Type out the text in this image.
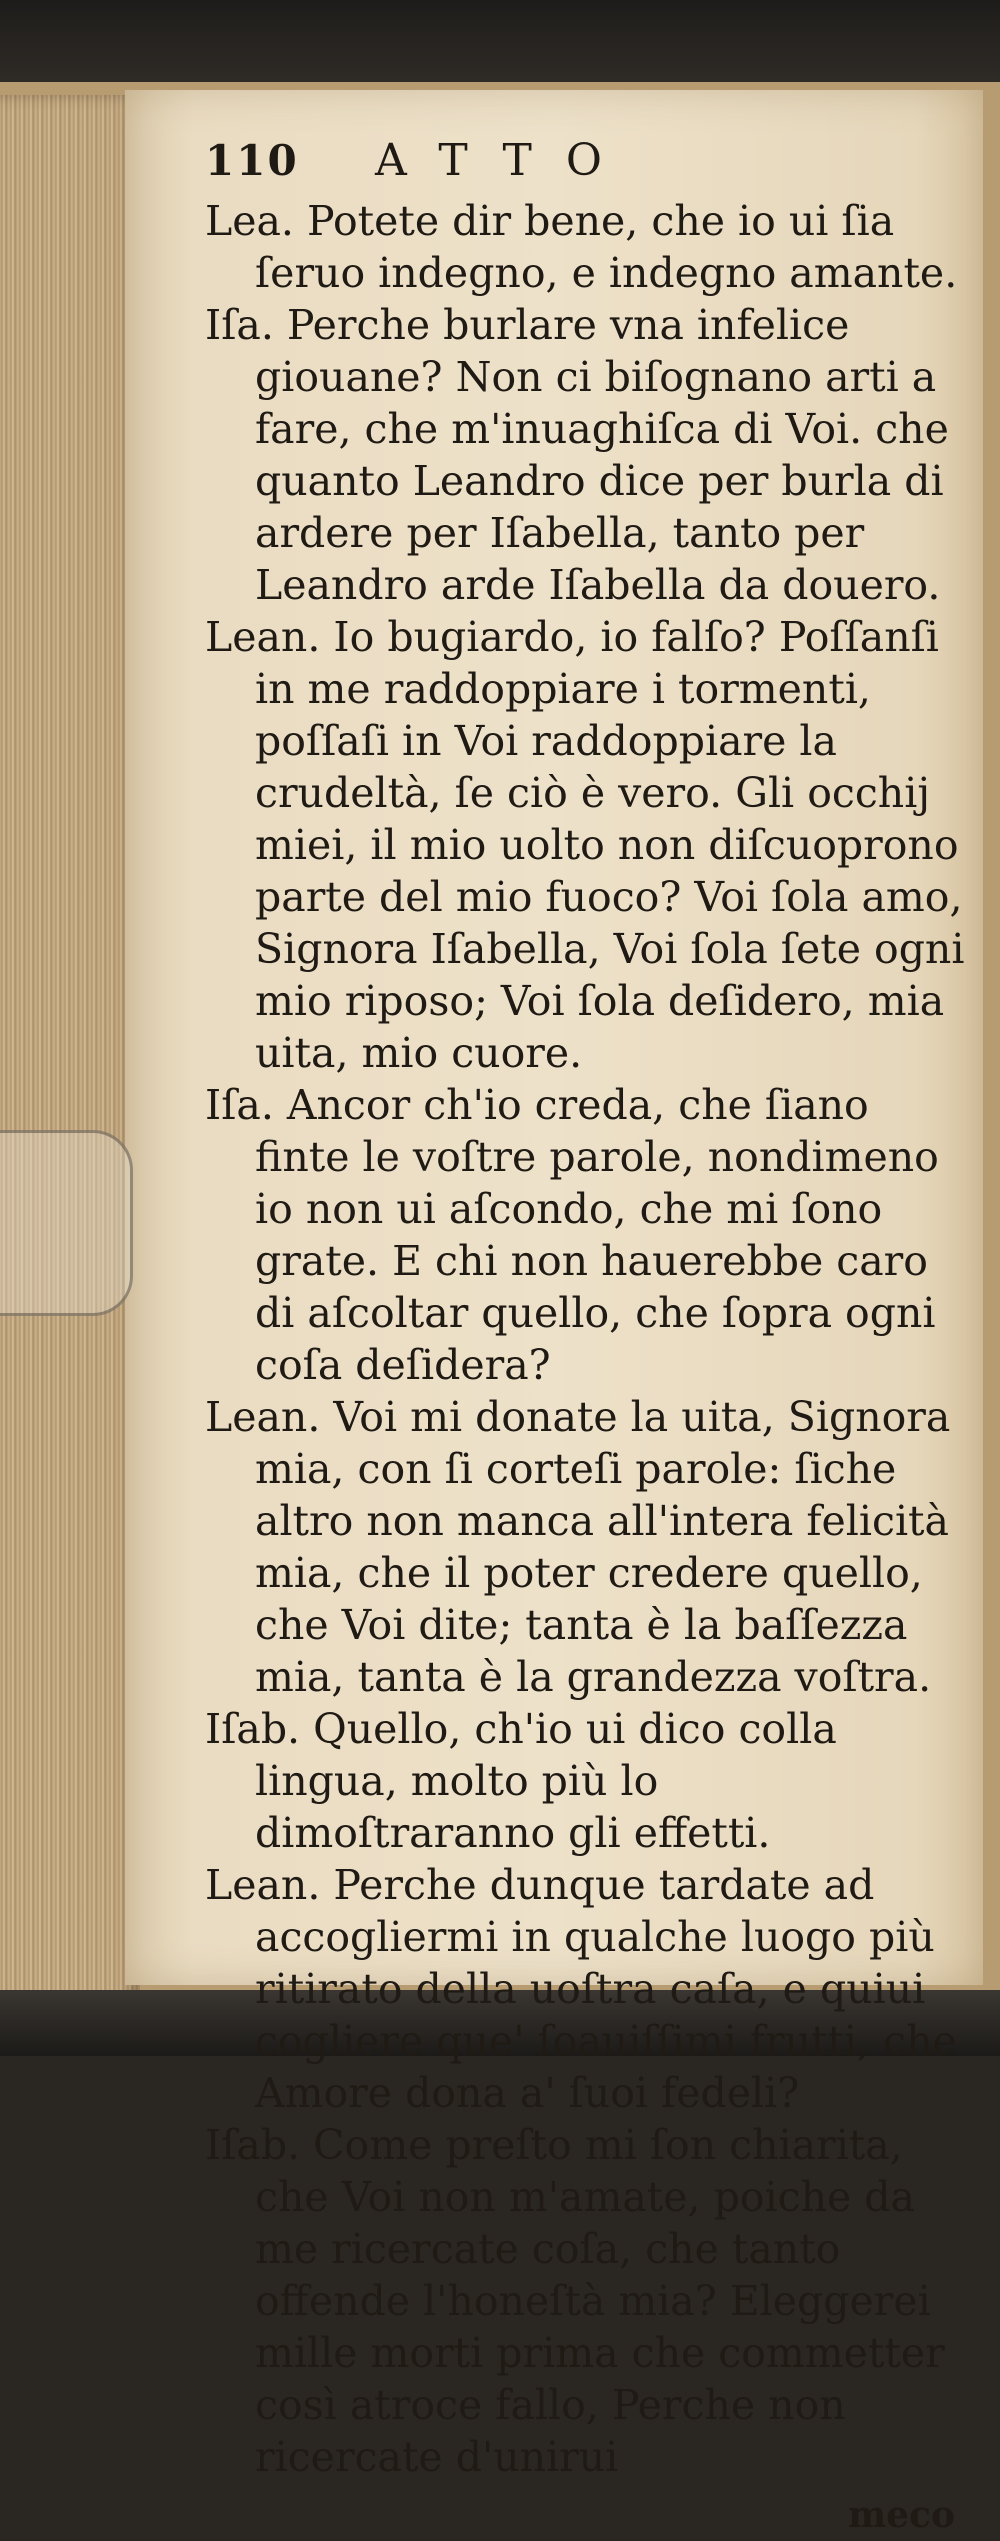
110	ATTO

Lea. Potete dir bene, che io ui ſia ſeruo indegno, e indegno amante.

Iſa. Perche burlare vna infelice giouane? Non ci biſognano arti a fare, che m'inuaghiſca di Voi. che quanto Leandro dice per burla di ardere per Iſabella, tanto per Leandro arde Iſabella da douero.

Lean. Io bugiardo, io falſo? Poſſanſi in me raddoppiare i tormenti, poſſaſi in Voi raddoppiare la crudeltà, ſe ciò è vero. Gli occhij miei, il mio uolto non diſcuoprono parte del mio fuoco? Voi ſola amo, Signora Iſabella, Voi ſola ſete ogni mio riposo; Voi ſola deſidero, mia uita, mio cuore.

Iſa. Ancor ch'io creda, che ſiano finte le voſtre parole, nondimeno io non ui aſcondo, che mi ſono grate. E chi non hauerebbe caro di aſcoltar quello, che ſopra ogni coſa deſidera?

Lean. Voi mi donate la uita, Signora mia, con ſi corteſi parole: ſiche altro non manca all'intera felicità mia, che il poter credere quello, che Voi dite; tanta è la baſſezza mia, tanta è la grandezza voſtra.

Iſab. Quello, ch'io ui dico colla lingua, molto più lo dimoſtraranno gli effetti.

Lean. Perche dunque tardate ad accogliermi in qualche luogo più ritirato della uoſtra caſa, e quiui cogliere que' ſoauiſſimi frutti, che Amore dona a' ſuoi fedeli?

Iſab. Come preſto mi ſon chiarita, che Voi non m'amate, poiche da me ricercate coſa, che tanto offende l'honeſtà mia? Eleggerei mille morti prima che commetter così atroce fallo, Perche non ricercate d'unirui

meco
